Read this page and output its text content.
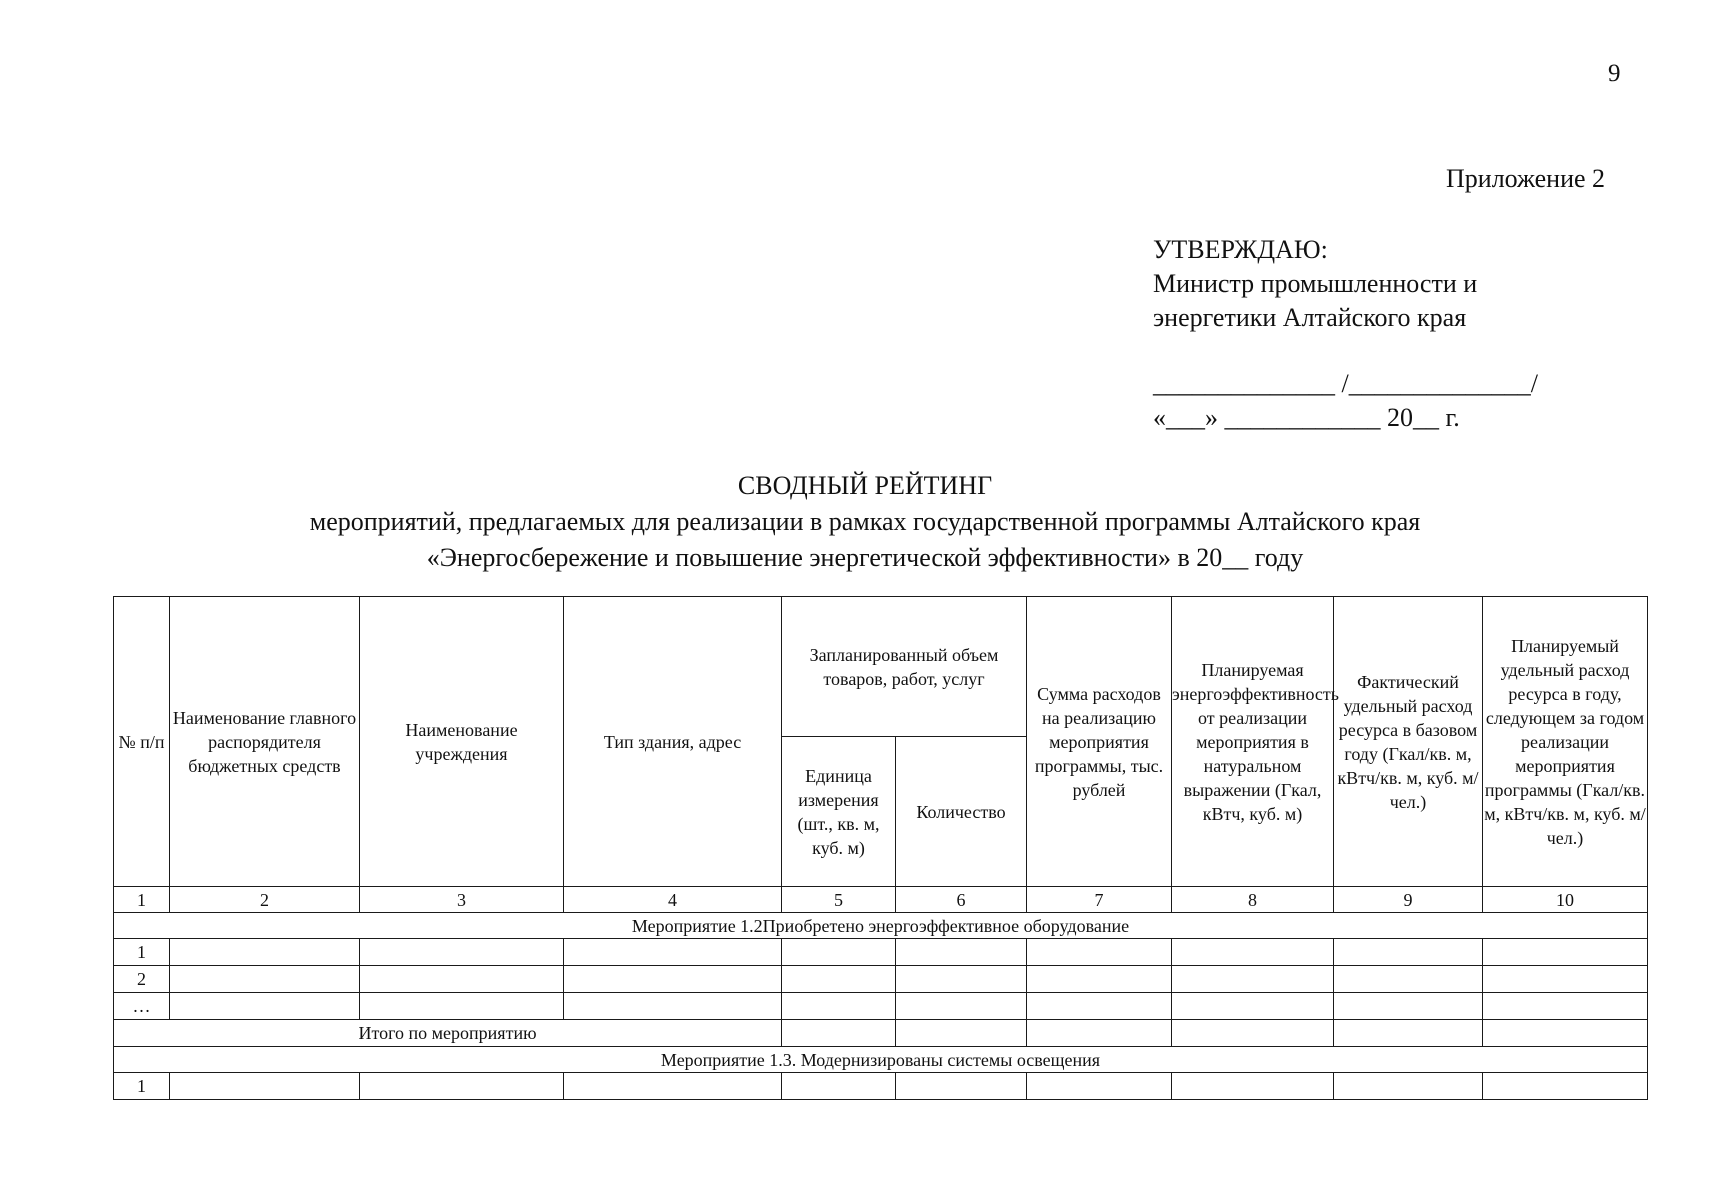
9
Приложение 2
УТВЕРЖДАЮ:
Министр промышленности и
энергетики Алтайского края
______________ /______________/
«___» ____________ 20__ г.
СВОДНЫЙ РЕЙТИНГ
мероприятий, предлагаемых для реализации в рамках государственной программы Алтайского края
«Энергосбережение и повышение энергетической эффективности» в 20__ году
№ п/п	Наименование главного распорядителя бюджетных средств	Наименование учреждения	Тип здания, адрес	Запланированный объем товаров, работ, услуг		Сумма расходов на реализацию мероприятия программы, тыс. рублей	Планируемая энергоэффективность от реализации мероприятия в натуральном выражении (Гкал, кВтч, куб. м)	Фактический удельный расход ресурса в базовом году (Гкал/кв. м, кВтч/кв. м, куб. м/ чел.)	Планируемый удельный расход ресурса в году, следующем за годом реализации мероприятия программы (Гкал/кв. м, кВтч/кв. м, куб. м/ чел.)
				Единица измерения (шт., кв. м, куб. м)	Количество				
1	2	3	4	5	6	7	8	9	10
Мероприятие 1.2Приобретено энергоэффективное оборудование									
1									
2									
…									
Итого по мероприятию									
Мероприятие 1.3. Модернизированы системы освещения									
1									
